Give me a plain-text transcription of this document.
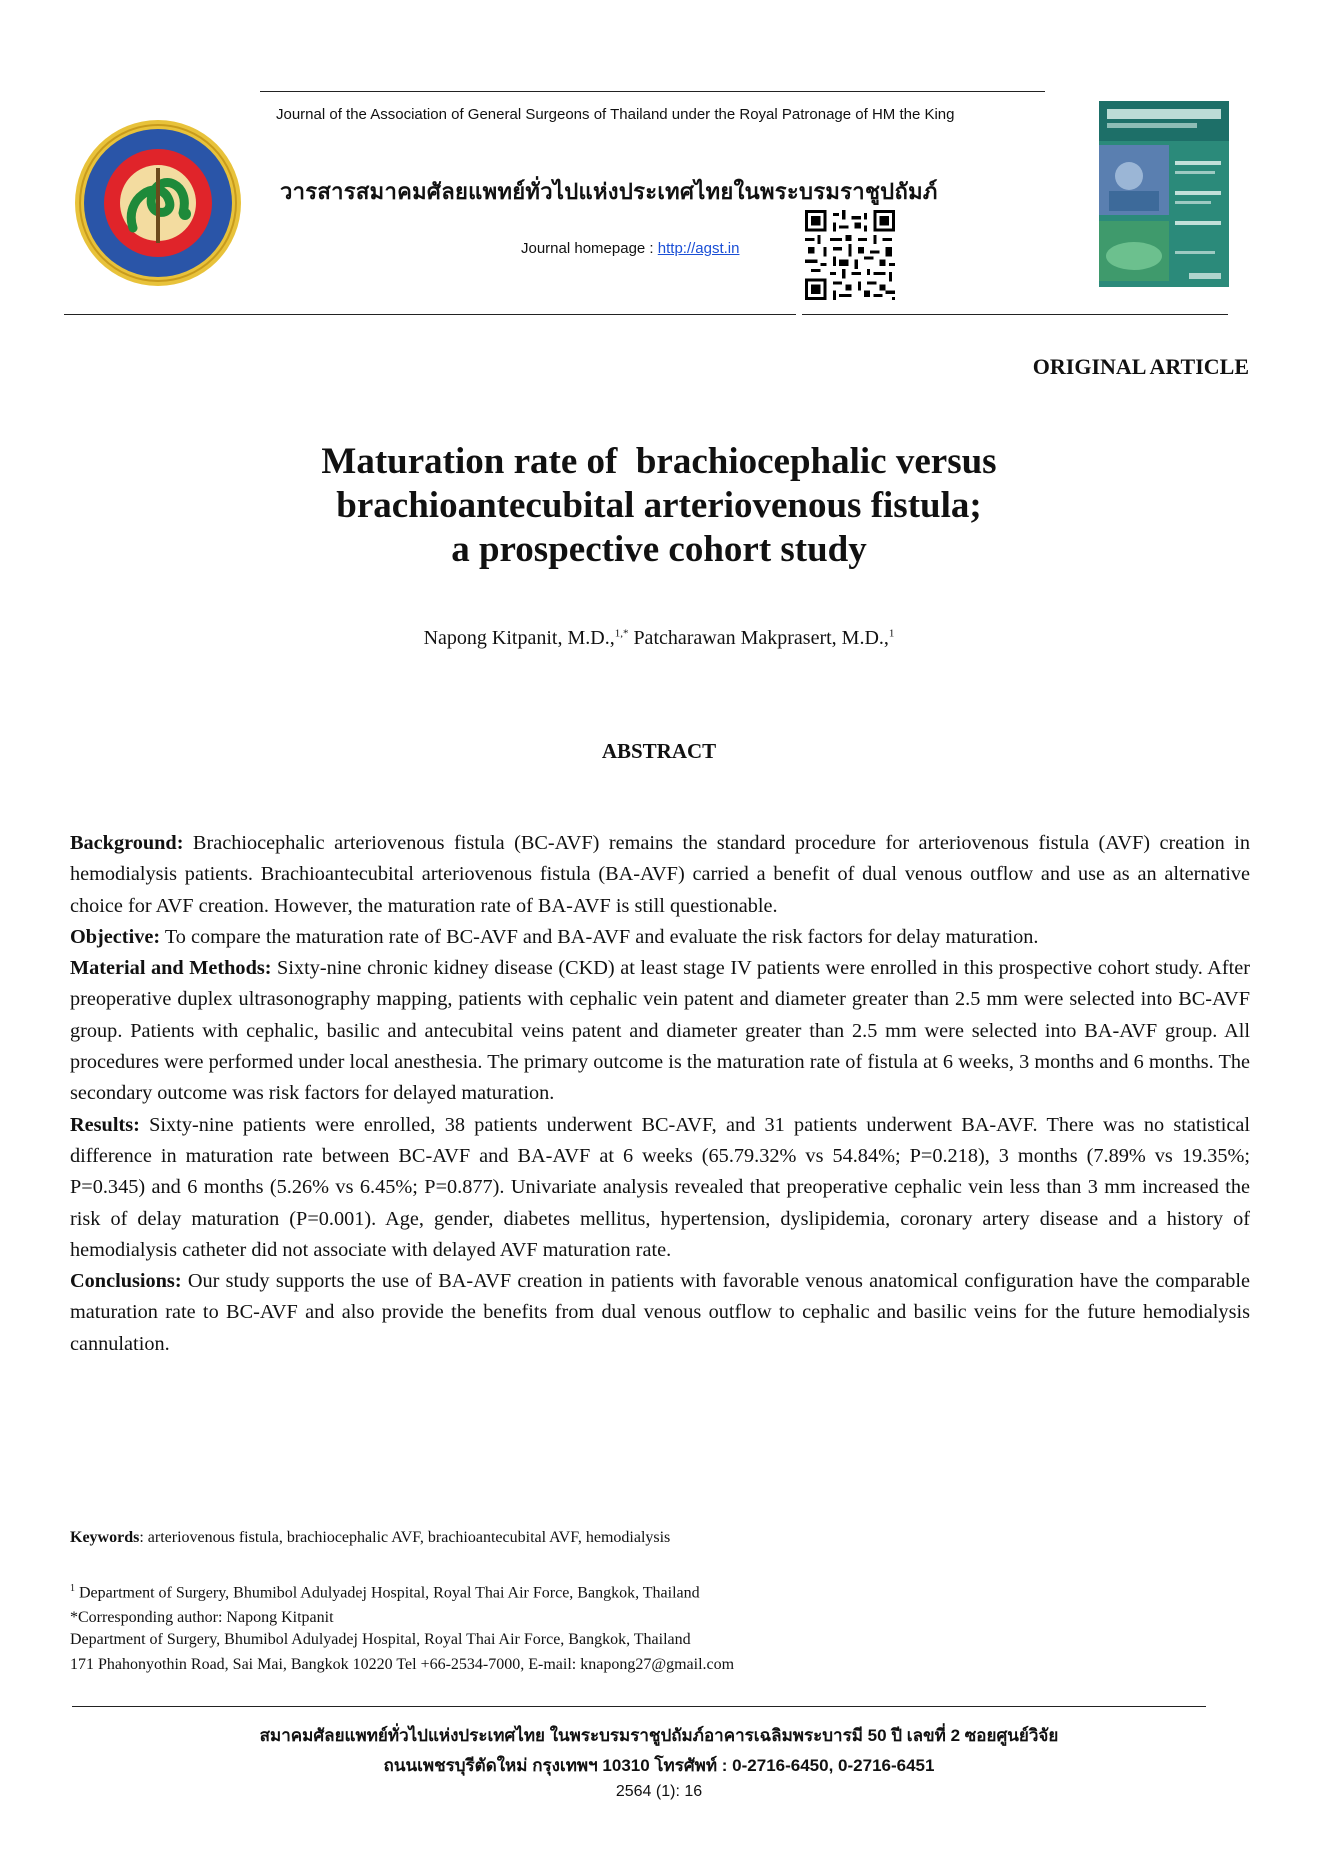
Journal of the Association of General Surgeons of Thailand under the Royal Patronage of HM the King
วารสารสมาคมศัลยแพทย์ทั่วไปแห่งประเทศไทยในพระบรมราชูปถัมภ์
Journal homepage : http://agst.in
ORIGINAL ARTICLE
Maturation rate of  brachiocephalic versus
brachioantecubital arteriovenous fistula;
a prospective cohort study
Napong Kitpanit, M.D.,$^{1,*}$ Patcharawan Makprasert, M.D.,$^1$
ABSTRACT

Background: Brachiocephalic arteriovenous fistula (BC-AVF) remains the standard procedure for arteriovenous fistula (AVF) creation in hemodialysis patients. Brachioantecubital arteriovenous fistula (BA-AVF) carried a benefit of dual venous outflow and use as an alternative choice for AVF creation. However, the maturation rate of BA-AVF is still questionable.

Objective: To compare the maturation rate of BC-AVF and BA-AVF and evaluate the risk factors for delay maturation.

Material and Methods: Sixty-nine chronic kidney disease (CKD) at least stage IV patients were enrolled in this prospective cohort study. After preoperative duplex ultrasonography mapping, patients with cephalic vein patent and diameter greater than 2.5 mm were selected into BC-AVF group. Patients with cephalic, basilic and antecubital veins patent and diameter greater than 2.5 mm were selected into BA-AVF group. All procedures were performed under local anesthesia. The primary outcome is the maturation rate of fistula at 6 weeks, 3 months and 6 months. The secondary outcome was risk factors for delayed maturation.

Results: Sixty-nine patients were enrolled, 38 patients underwent BC-AVF, and 31 patients underwent BA-AVF. There was no statistical difference in maturation rate between BC-AVF and BA-AVF at 6 weeks (65.79.32% vs 54.84%; P=0.218), 3 months (7.89% vs 19.35%; P=0.345) and 6 months (5.26% vs 6.45%; P=0.877). Univariate analysis revealed that preoperative cephalic vein less than 3 mm increased the risk of delay maturation (P=0.001). Age, gender, diabetes mellitus, hypertension, dyslipidemia, coronary artery disease and a history of hemodialysis catheter did not associate with delayed AVF maturation rate.

Conclusions: Our study supports the use of BA-AVF creation in patients with favorable venous anatomical configuration have the comparable maturation rate to BC-AVF and also provide the benefits from dual venous outflow to cephalic and basilic veins for the future hemodialysis cannulation.

Keywords: arteriovenous fistula, brachiocephalic AVF, brachioantecubital AVF, hemodialysis
$^1$ Department of Surgery, Bhumibol Adulyadej Hospital, Royal Thai Air Force, Bangkok, Thailand
*Corresponding author: Napong Kitpanit
Department of Surgery, Bhumibol Adulyadej Hospital, Royal Thai Air Force, Bangkok, Thailand
171 Phahonyothin Road, Sai Mai, Bangkok 10220 Tel +66-2534-7000, E-mail: knapong27@gmail.com
สมาคมศัลยแพทย์ทั่วไปแห่งประเทศไทย ในพระบรมราชูปถัมภ์อาคารเฉลิมพระบารมี 50 ปี เลขที่ 2 ซอยศูนย์วิจัย
ถนนเพชรบุรีตัดใหม่ กรุงเทพฯ 10310 โทรศัพท์ : 0-2716-6450, 0-2716-6451
2564 (1): 16
